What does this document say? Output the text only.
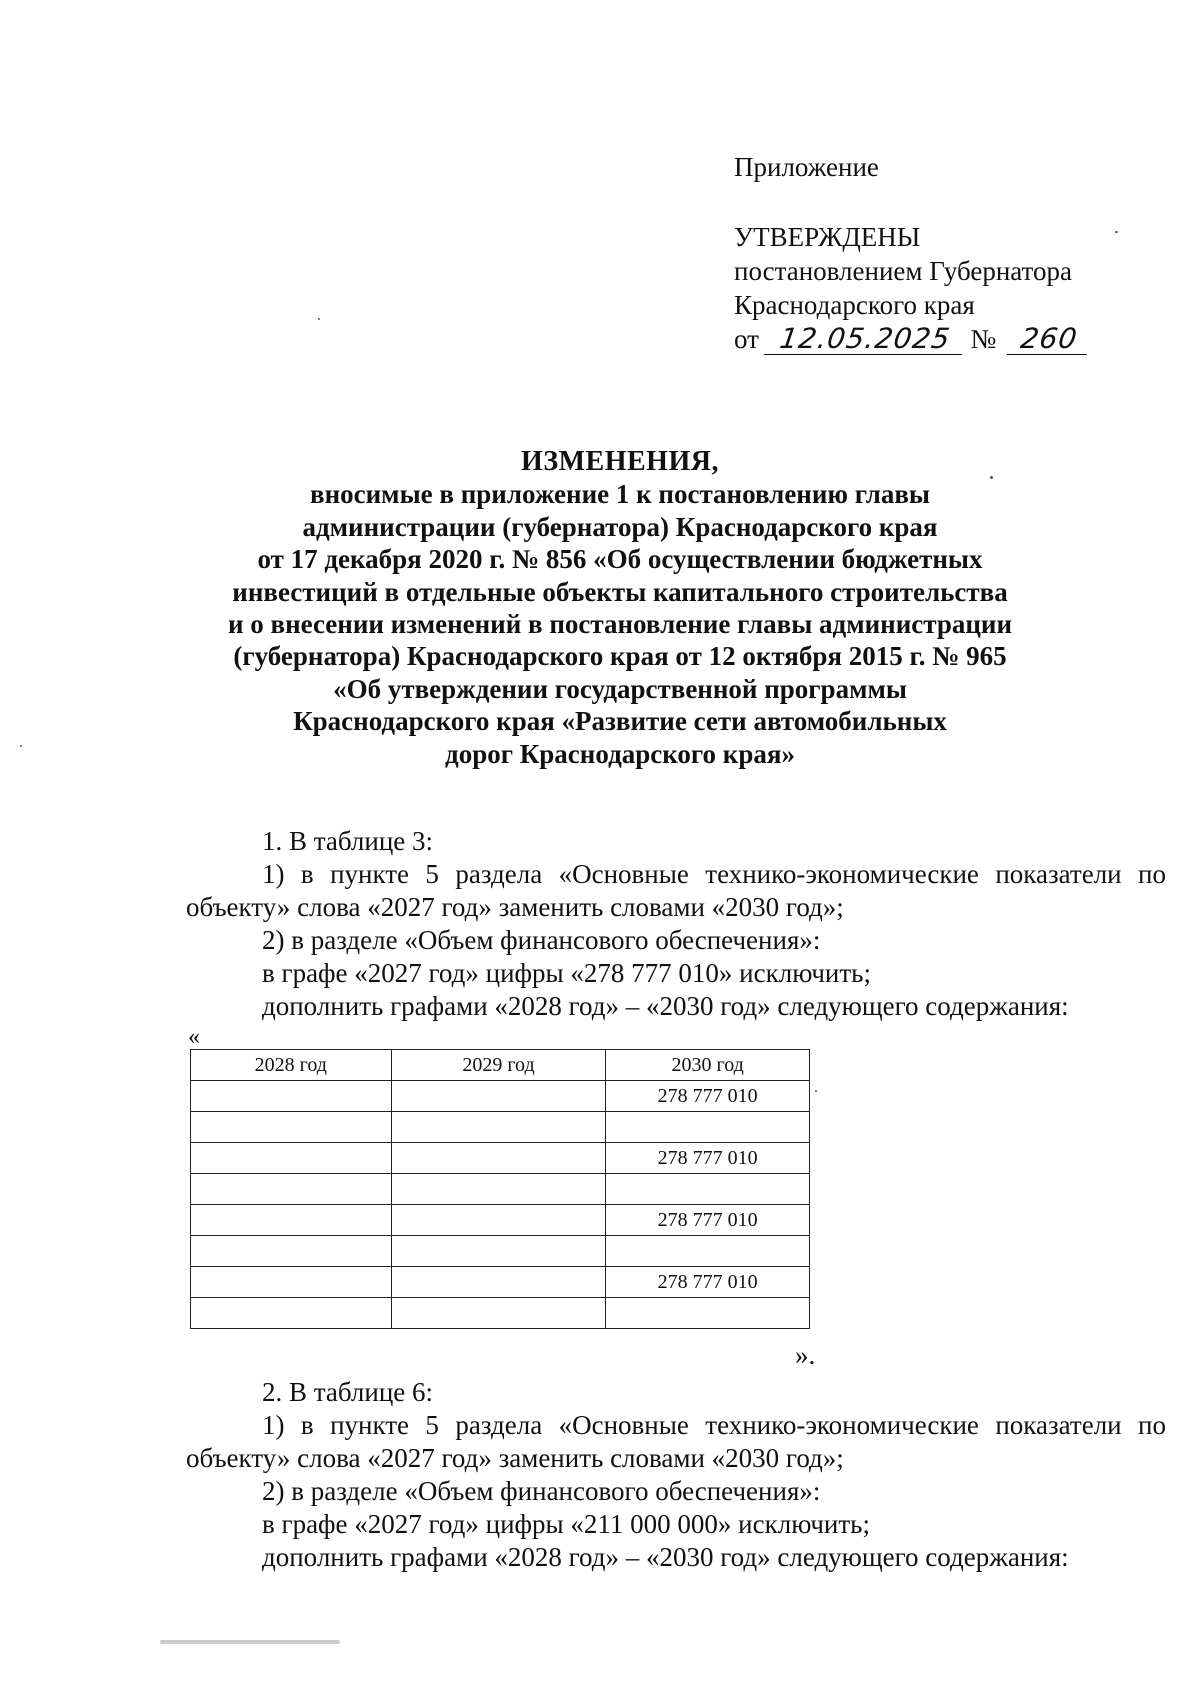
Приложение
УТВЕРЖДЕНЫ
постановлением Губернатора
Краснодарского края
от 12.05.2025 № 260
ИЗМЕНЕНИЯ,
вносимые в приложение 1 к постановлению главы
администрации (губернатора) Краснодарского края
от 17 декабря 2020 г. № 856 «Об осуществлении бюджетных
инвестиций в отдельные объекты капитального строительства
и о внесении изменений в постановление главы администрации
(губернатора) Краснодарского края от 12 октября 2015 г. № 965
«Об утверждении государственной программы
Краснодарского края «Развитие сети автомобильных
дорог Краснодарского края»
1. В таблице 3:
1) в пункте 5 раздела «Основные технико-экономические показатели по
объекту» слова «2027 год» заменить словами «2030 год»;
2) в разделе «Объем финансового обеспечения»:
в графе «2027 год» цифры «278 777 010» исключить;
дополнить графами «2028 год» – «2030 год» следующего содержания:
«
2028 год	2029 год	2030 год
		278 777 010

		278 777 010

		278 777 010

		278 777 010

».
2. В таблице 6:
1) в пункте 5 раздела «Основные технико-экономические показатели по
объекту» слова «2027 год» заменить словами «2030 год»;
2) в разделе «Объем финансового обеспечения»:
в графе «2027 год» цифры «211 000 000» исключить;
дополнить графами «2028 год» – «2030 год» следующего содержания:
